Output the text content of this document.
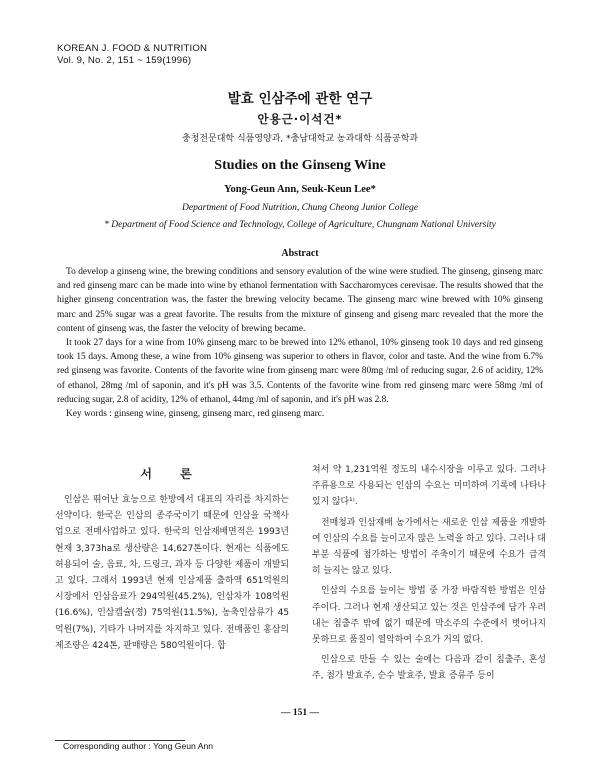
KOREAN J. FOOD & NUTRITION
Vol. 9, No. 2, 151 ~ 159(1996)
발효 인삼주에 관한 연구
안용근·이석건*
충청전문대학 식품영양과, *충남대학교 농과대학 식품공학과
Studies on the Ginseng Wine
Yong-Geun Ann, Seuk-Keun Lee*
Department of Food Nutrition, Chung Cheong Junior College
* Department of Food Science and Technology, College of Agriculture, Chungnam National University
Abstract

To develop a ginseng wine, the brewing conditions and sensory evalution of the wine were studied. The ginseng, ginseng marc and red ginseng marc can be made into wine by ethanol fermentation with Saccharomyces cerevisae. The results showed that the higher ginseng concentration was, the faster the brewing velocity became. The ginseng marc wine brewed with 10% ginseng marc and 25% sugar was a great favorite. The results from the mixture of ginseng and giseng marc revealed that the more the content of ginseng was, the faster the velocity of brewing became.

It took 27 days for a wine from 10% ginseng marc to be brewed into 12% ethanol, 10% ginseng took 10 days and red ginseng took 15 days. Among these, a wine from 10% ginseng was superior to others in flavor, color and taste. And the wine from 6.7% red ginseng was favorite. Contents of the favorite wine from ginseng marc were 80mg /ml of reducing sugar, 2.6 of acidity, 12% of ethanol, 28mg /ml of saponin, and it's pH was 3.5. Contents of the favorite wine from red ginseng marc were 58mg /ml of reducing sugar, 2.8 of acidity, 12% of ethanol, 44mg /ml of saponin, and it's pH was 2.8.

Key words : ginseng wine, ginseng, ginseng marc, red ginseng marc.

서 론

인삼은 뛰어난 효능으로 한방에서 대표의 자리를 차지하는 선약이다. 한국은 인삼의 종주국이기 때문에 인삼을 국책사업으로 전매사업하고 있다. 한국의 인삼재배면적은 1993년 현재 3,373ha로 생산량은 14,627톤이다. 현재는 식품에도 허용되어 술, 음료, 차, 드링크, 과자 등 다양한 제품이 개발되고 있다. 그래서 1993년 현재 인삼제품 출하액 651억원의 시장에서 인삼음료가 294억원(45.2%), 인삼차가 108억원(16.6%), 인삼캡슐(정) 75억원(11.5%), 농축인삼류가 45억원(7%), 기타가 나머지를 차지하고 있다. 전매품인 홍삼의 제조량은 424톤, 판매량은 580억원이다. 합

쳐서 약 1,231억원 정도의 내수시장을 이루고 있다. 그러나 주류용으로 사용되는 인삼의 수요는 미미하여 기록에 나타나 있지 않다¹⁾.

전매청과 인삼재배 농가에서는 새로운 인삼 제품을 개발하여 인삼의 수요를 늘이고자 많은 노력을 하고 있다. 그러나 대부분 식품에 첨가하는 방법이 주축이기 때문에 수요가 급격히 늘지는 않고 있다.

인삼의 수요를 늘이는 방법 중 가장 바람직한 방법은 인삼주이다. 그러나 현재 생산되고 있는 것은 인삼주에 담가 우려내는 침출주 밖에 없기 때문에 막소주의 수준에서 벗어나지 못하므로 품질이 열악하여 수요가 거의 없다.

인삼으로 만들 수 있는 술에는 다음과 같이 침출주, 혼성주, 첨가 발효주, 순수 발효주, 발효 증류주 등이

— 151 —
Corresponding author : Yong Geun Ann
